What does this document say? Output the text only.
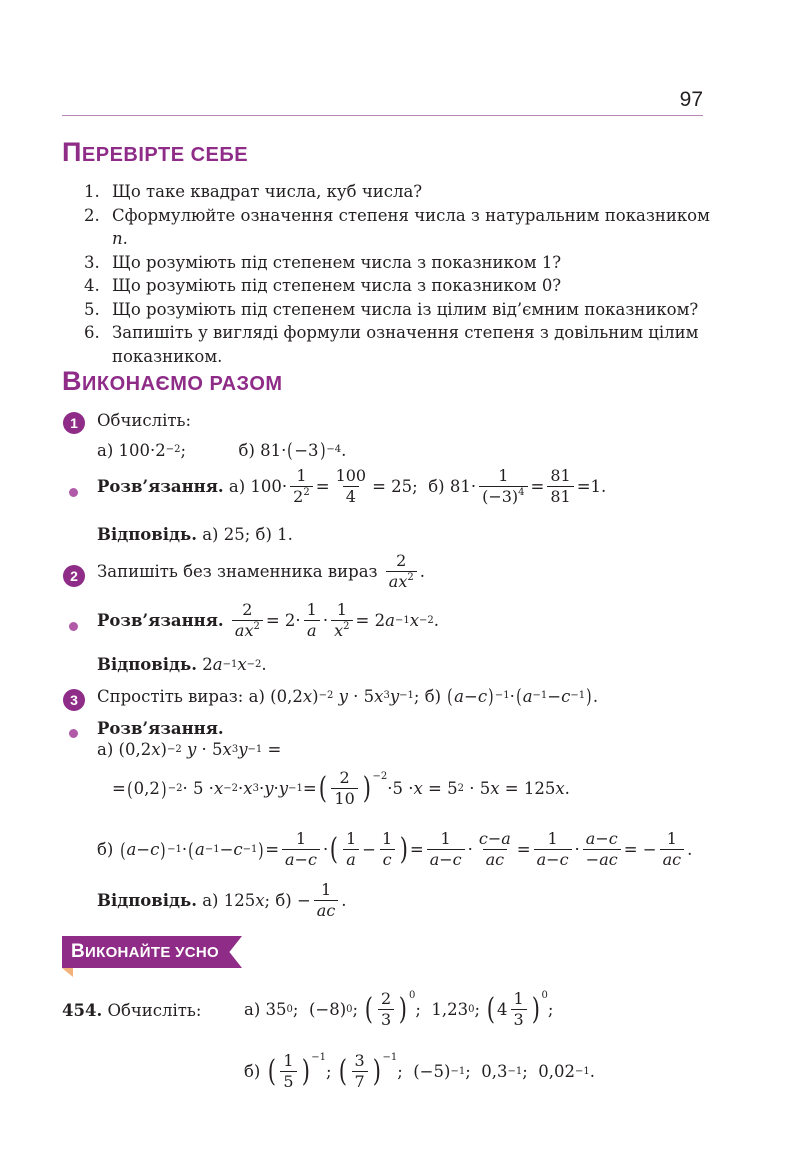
97
ПЕРЕВІРТЕ СЕБЕ
1. Що таке квадрат числа, куб числа?
2. Сформулюйте означення степеня числа з натуральним показником n.
3. Що розуміють під степенем числа з показником 1?
4. Що розуміють під степенем числа з показником 0?
5. Що розуміють під степенем числа із цілим від’ємним показником?
6. Запишіть у вигляді формули означення степеня з довільним цілим показником.
ВИКОНАЄМО РАЗОМ
1	Обчисліть:
а) 100·2 −2 ;          б) 81· ( −3 ) −4 .
Розв’язання. а) $100\cdot \frac{1}{2^2} = \frac{100}{4} = 25$;  б) $81\cdot \frac{1}{(-3)^4} = \frac{81}{81} =1$.
Відповідь.
а) 25; б) 1.
2	Запишіть без знаменника вираз
$\frac{2}{ax^2}$ .
Розв’язання.
$\frac{2}{ax^2} = 2\cdot \frac{1}{a} \cdot \frac{1}{x^2} = 2$ a −1 x −2 .
Відповідь. 2 a −1 x −2 .
3	Спростіть вираз: а) (0,2 x ) −2
y · 5 x 3 y −1 ; б) ( a − c ) −1 · ( a −1 − c −1 ) .
Розв’язання.
а) (0,2 x ) −2
y · 5 x 3 y −1 =
= ( 0,2 ) −2 · 5 · x −2 · x 3 · y · y −1 = ( $\frac{2}{10}$ ) −2
·5 · x = 5 2 · 5 x = 125 x .
б) ( a − c ) −1 · ( a −1 − c −1 ) = $\frac{1}{a-c}$ · ( $\frac{1}{a} - \frac{1}{c}$ ) = $\frac{1}{a-c} \cdot \frac{c-a}{ac} = \frac{1}{a-c} \cdot \frac{a-c}{-ac}$ = − $\frac{1}{ac}$ .
Відповідь. а) 125 x ; $б) - \frac{1}{ac}$ .
ВИКОНАЙТЕ УСНО
454.
Обчисліть:	а) 35 0 ;  (−8) 0 ; ( $\frac{2}{3}$ ) 0
;  1,23 0 ; ( $4 \frac{1}{3}$ ) 0
;
б) ( $\frac{1}{5}$ ) −1
; ( $\frac{3}{7}$ ) −1
;  (−5) −1 ;  0,3 −1 ;  0,02 −1 .
